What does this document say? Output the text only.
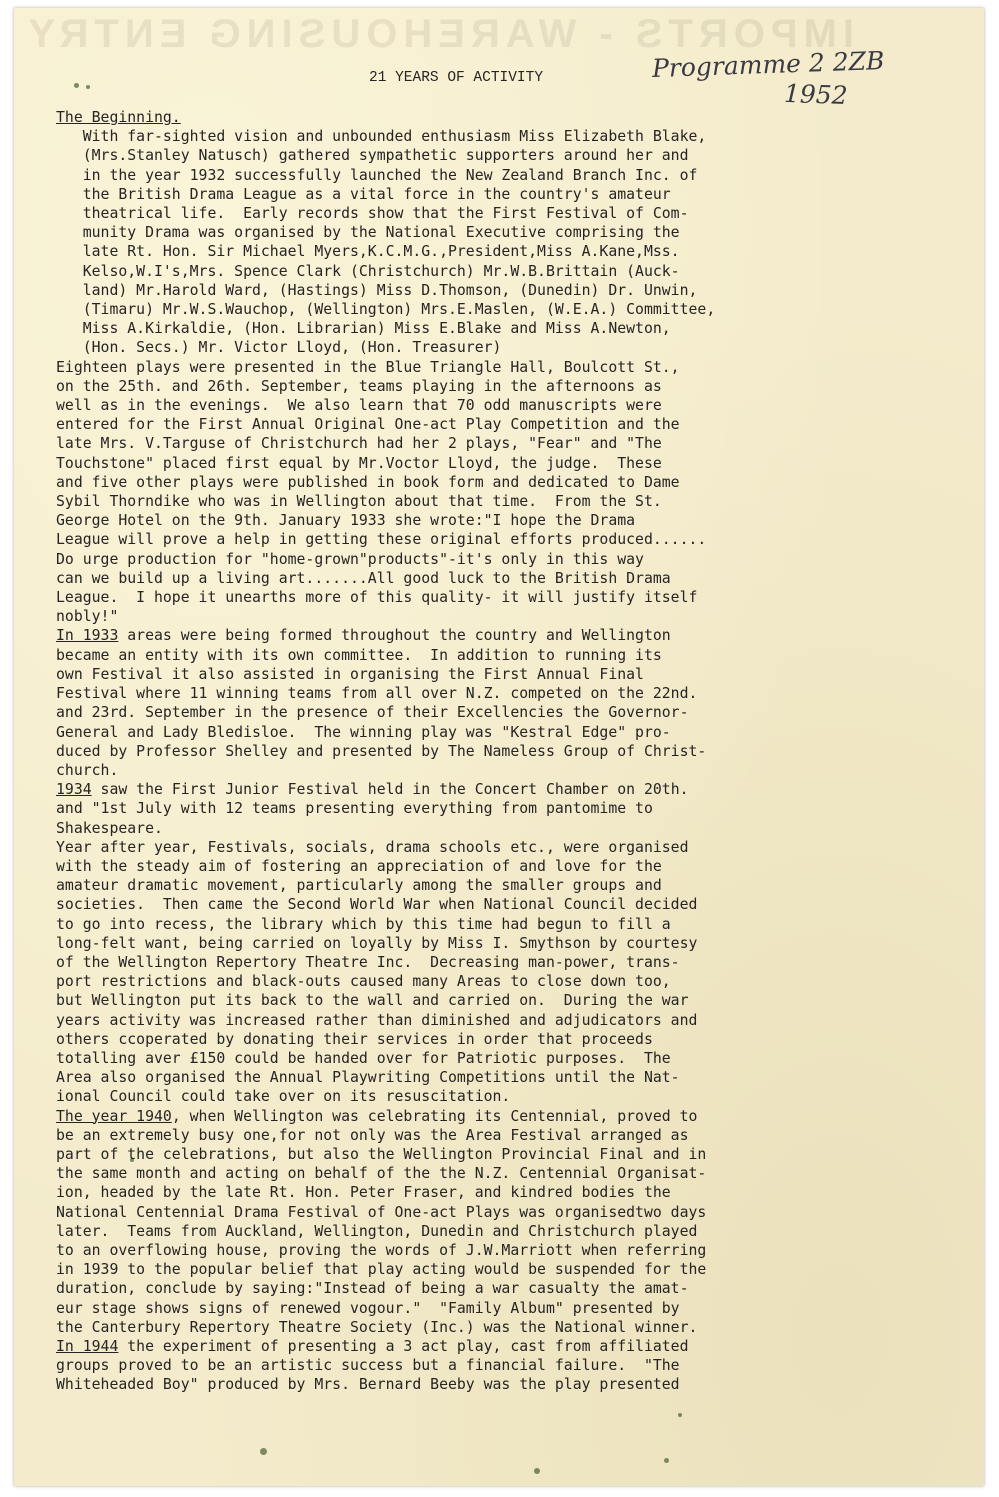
IMPORTS - WAREHOUSING ENTRY
Programme 2 2ZB
1952
21 YEARS OF ACTIVITY
The Beginning.
With far-sighted vision and unbounded enthusiasm Miss Elizabeth Blake,
(Mrs.Stanley Natusch) gathered sympathetic supporters around her and
in the year 1932 successfully launched the New Zealand Branch Inc. of
the British Drama League as a vital force in the country's amateur
theatrical life.  Early records show that the First Festival of Com-
munity Drama was organised by the National Executive comprising the
late Rt. Hon. Sir Michael Myers,K.C.M.G.,President,Miss A.Kane,Mss.
Kelso,W.I's,Mrs. Spence Clark (Christchurch) Mr.W.B.Brittain (Auck-
land) Mr.Harold Ward, (Hastings) Miss D.Thomson, (Dunedin) Dr. Unwin,
(Timaru) Mr.W.S.Wauchop, (Wellington) Mrs.E.Maslen, (W.E.A.) Committee,
Miss A.Kirkaldie, (Hon. Librarian) Miss E.Blake and Miss A.Newton,
(Hon. Secs.) Mr. Victor Lloyd, (Hon. Treasurer)
Eighteen plays were presented in the Blue Triangle Hall, Boulcott St.,
on the 25th. and 26th. September, teams playing in the afternoons as
well as in the evenings.  We also learn that 70 odd manuscripts were
entered for the First Annual Original One-act Play Competition and the
late Mrs. V.Targuse of Christchurch had her 2 plays, "Fear" and "The
Touchstone" placed first equal by Mr.Voctor Lloyd, the judge.  These
and five other plays were published in book form and dedicated to Dame
Sybil Thorndike who was in Wellington about that time.  From the St.
George Hotel on the 9th. January 1933 she wrote:"I hope the Drama
League will prove a help in getting these original efforts produced......
Do urge production for "home-grown"products"-it's only in this way
can we build up a living art.......All good luck to the British Drama
League.  I hope it unearths more of this quality- it will justify itself
nobly!"
In 1933 areas were being formed throughout the country and Wellington
became an entity with its own committee.  In addition to running its
own Festival it also assisted in organising the First Annual Final
Festival where 11 winning teams from all over N.Z. competed on the 22nd.
and 23rd. September in the presence of their Excellencies the Governor-
General and Lady Bledisloe.  The winning play was "Kestral Edge" pro-
duced by Professor Shelley and presented by The Nameless Group of Christ-
church.
1934 saw the First Junior Festival held in the Concert Chamber on 20th.
and "1st July with 12 teams presenting everything from pantomime to
Shakespeare.
Year after year, Festivals, socials, drama schools etc., were organised
with the steady aim of fostering an appreciation of and love for the
amateur dramatic movement, particularly among the smaller groups and
societies.  Then came the Second World War when National Council decided
to go into recess, the library which by this time had begun to fill a
long-felt want, being carried on loyally by Miss I. Smythson by courtesy
of the Wellington Repertory Theatre Inc.  Decreasing man-power, trans-
port restrictions and black-outs caused many Areas to close down too,
but Wellington put its back to the wall and carried on.  During the war
years activity was increased rather than diminished and adjudicators and
others ccoperated by donating their services in order that proceeds
totalling aver £150 could be handed over for Patriotic purposes.  The
Area also organised the Annual Playwriting Competitions until the Nat-
ional Council could take over on its resuscitation.
The year 1940, when Wellington was celebrating its Centennial, proved to
be an extremely busy one,for not only was the Area Festival arranged as
part of the celebrations, but also the Wellington Provincial Final and in
the same month and acting on behalf of the the N.Z. Centennial Organisat-
ion, headed by the late Rt. Hon. Peter Fraser, and kindred bodies the
National Centennial Drama Festival of One-act Plays was organisedtwo days
later.  Teams from Auckland, Wellington, Dunedin and Christchurch played
to an overflowing house, proving the words of J.W.Marriott when referring
in 1939 to the popular belief that play acting would be suspended for the
duration, conclude by saying:"Instead of being a war casualty the amat-
eur stage shows signs of renewed vogour."  "Family Album" presented by
the Canterbury Repertory Theatre Society (Inc.) was the National winner.
In 1944 the experiment of presenting a 3 act play, cast from affiliated
groups proved to be an artistic success but a financial failure.  "The
Whiteheaded Boy" produced by Mrs. Bernard Beeby was the play presented
